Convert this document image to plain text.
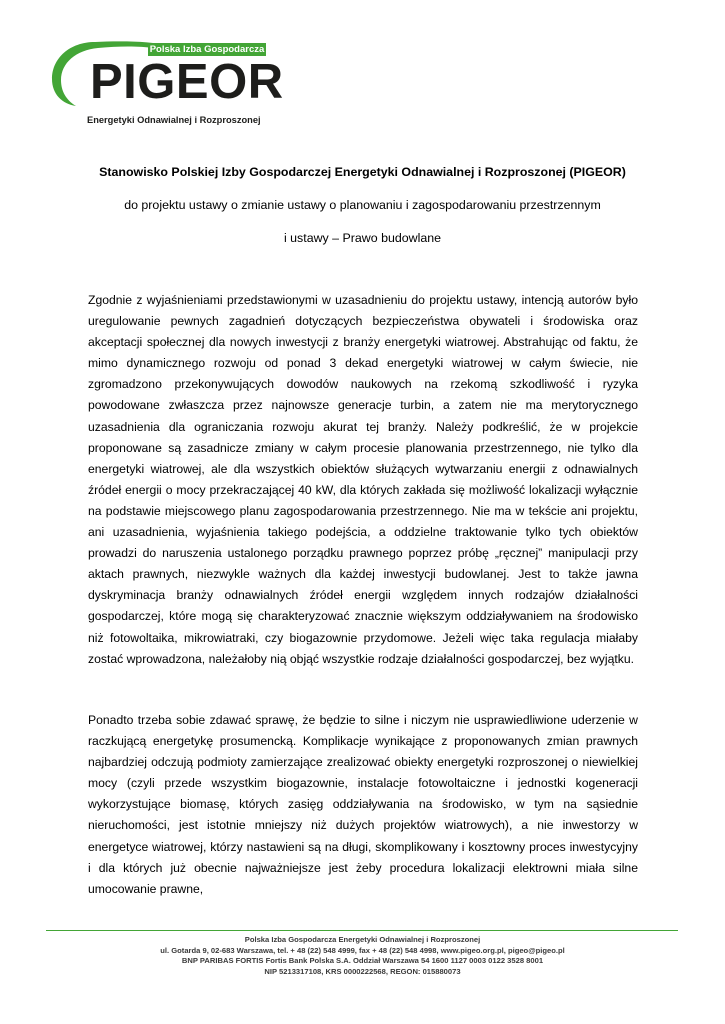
Polska Izba Gospodarcza
PIGEOR
Energetyki Odnawialnej i Rozproszonej
Stanowisko Polskiej Izby Gospodarczej Energetyki Odnawialnej i Rozproszonej (PIGEOR)
do projektu ustawy o zmianie ustawy o planowaniu i zagospodarowaniu przestrzennym
i ustawy – Prawo budowlane

Zgodnie z wyjaśnieniami przedstawionymi w uzasadnieniu do projektu ustawy, intencją autorów było uregulowanie pewnych zagadnień dotyczących bezpieczeństwa obywateli i środowiska oraz akceptacji społecznej dla nowych inwestycji z branży energetyki wiatrowej. Abstrahując od faktu, że mimo dynamicznego rozwoju od ponad 3 dekad energetyki wiatrowej w całym świecie, nie zgromadzono przekonywujących dowodów naukowych na rzekomą szkodliwość i ryzyka powodowane zwłaszcza przez najnowsze generacje turbin, a zatem nie ma merytorycznego uzasadnienia dla ograniczania rozwoju akurat tej branży. Należy podkreślić, że w projekcie proponowane są zasadnicze zmiany w całym procesie planowania przestrzennego, nie tylko dla energetyki wiatrowej, ale dla wszystkich obiektów służących wytwarzaniu energii z odnawialnych źródeł energii o mocy przekraczającej 40 kW, dla których zakłada się możliwość lokalizacji wyłącznie na podstawie miejscowego planu zagospodarowania przestrzennego. Nie ma w tekście ani projektu, ani uzasadnienia, wyjaśnienia takiego podejścia, a oddzielne traktowanie tylko tych obiektów prowadzi do naruszenia ustalonego porządku prawnego poprzez próbę „ręcznej” manipulacji przy aktach prawnych, niezwykle ważnych dla każdej inwestycji budowlanej. Jest to także jawna dyskryminacja branży odnawialnych źródeł energii względem innych rodzajów działalności gospodarczej, które mogą się charakteryzować znacznie większym oddziaływaniem na środowisko niż fotowoltaika, mikrowiatraki, czy biogazownie przydomowe. Jeżeli więc taka regulacja miałaby zostać wprowadzona, należałoby nią objąć wszystkie rodzaje działalności gospodarczej, bez wyjątku.

Ponadto trzeba sobie zdawać sprawę, że będzie to silne i niczym nie usprawiedliwione uderzenie w raczkującą energetykę prosumencką. Komplikacje wynikające z proponowanych zmian prawnych najbardziej odczują podmioty zamierzające zrealizować obiekty energetyki rozproszonej o niewielkiej mocy (czyli przede wszystkim biogazownie, instalacje fotowoltaiczne i jednostki kogeneracji wykorzystujące biomasę, których zasięg oddziaływania na środowisko, w tym na sąsiednie nieruchomości, jest istotnie mniejszy niż dużych projektów wiatrowych), a nie inwestorzy w energetyce wiatrowej, którzy nastawieni są na długi, skomplikowany i kosztowny proces inwestycyjny i dla których już obecnie najważniejsze jest żeby procedura lokalizacji elektrowni miała silne umocowanie prawne,

Polska Izba Gospodarcza Energetyki Odnawialnej i Rozproszonej
ul. Gotarda 9, 02-683 Warszawa, tel. + 48 (22) 548 4999, fax + 48 (22) 548 4998, www.pigeo.org.pl, pigeo@pigeo.pl
BNP PARIBAS FORTIS Fortis Bank Polska S.A. Oddział Warszawa 54 1600 1127 0003 0122 3528 8001
NIP 5213317108, KRS 0000222568, REGON: 015880073
